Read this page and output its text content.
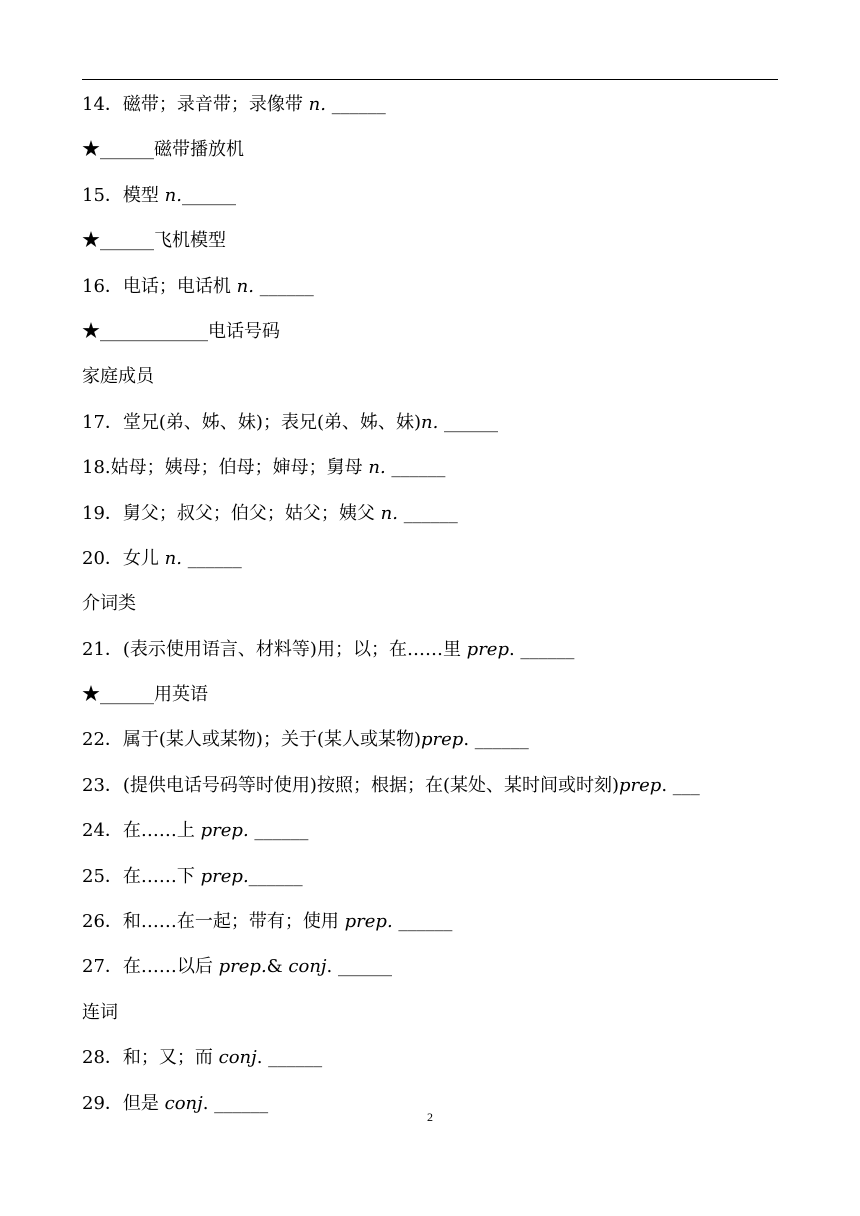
14．磁带；录音带；录像带 n. ______
★______磁带播放机
15．模型 n.______
★______飞机模型
16．电话；电话机 n. ______
★____________电话号码
家庭成员
17．堂兄(弟、姊、妹)；表兄(弟、姊、妹)n. ______
18.姑母；姨母；伯母；婶母；舅母 n. ______
19．舅父；叔父；伯父；姑父；姨父 n. ______
20．女儿 n. ______
介词类
21．(表示使用语言、材料等)用；以；在……里 prep. ______
★______用英语
22．属于(某人或某物)；关于(某人或某物)prep. ______
23．(提供电话号码等时使用)按照；根据；在(某处、某时间或时刻)prep. ___
24．在……上 prep. ______
25．在……下 prep.______
26．和……在一起；带有；使用 prep. ______
27．在……以后 prep.& conj. ______
连词
28．和；又；而 conj. ______
29．但是 conj. ______
2
